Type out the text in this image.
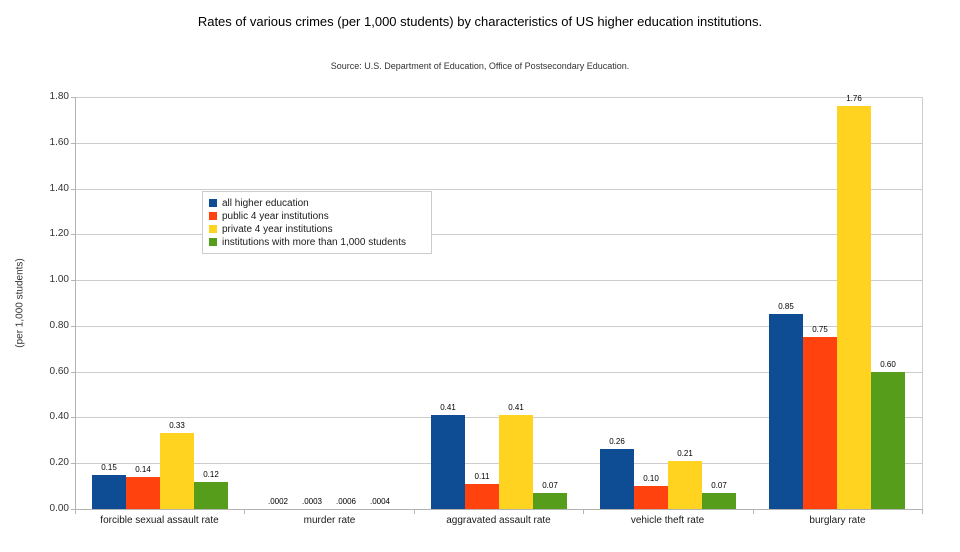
Rates of various crimes (per 1,000 students) by characteristics of US higher education institutions.
Source: U.S. Department of Education, Office of Postsecondary Education.
(per 1,000 students)
all higher education
public 4 year institutions
private 4 year institutions
institutions with more than 1,000 students
0.00
0.20
0.40
0.60
0.80
1.00
1.20
1.40
1.60
1.80
0.15	0.14
0.33
0.12
forcible sexual assault rate
.0002	.0003	.0006	.0004
murder rate
0.41
0.11
0.41
0.07
aggravated assault rate
0.26
0.10
0.21
0.07
vehicle theft rate
0.85
0.75
1.76
0.60
burglary rate
